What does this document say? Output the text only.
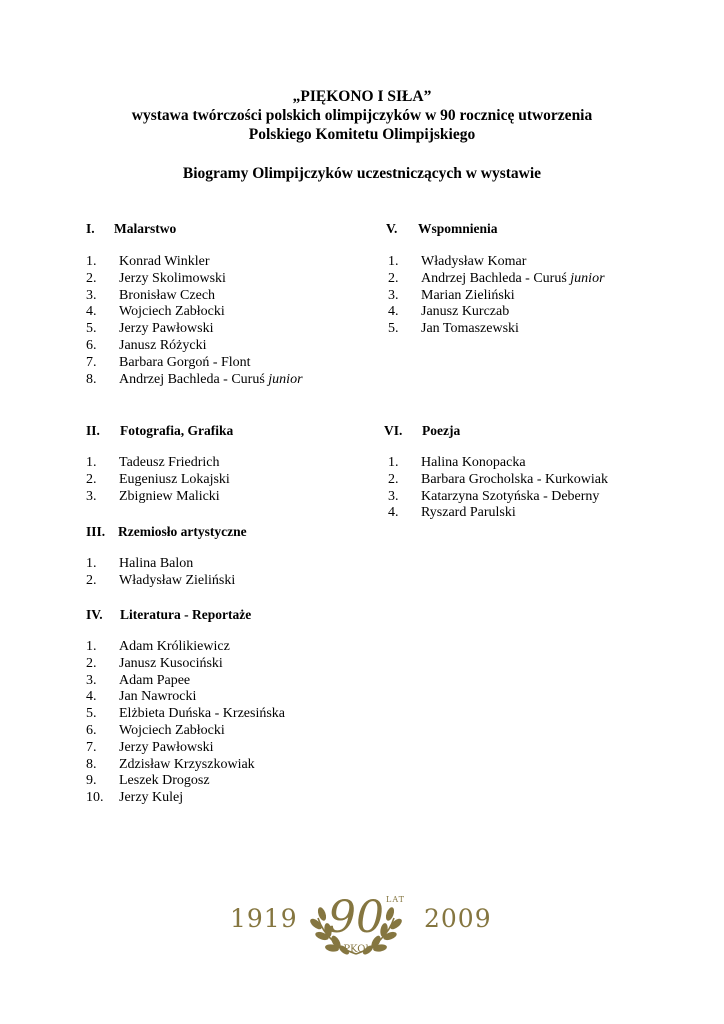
„PIĘKONO I SIŁA”
wystawa twórczości polskich olimpijczyków w 90 rocznicę utworzenia
Polskiego Komitetu Olimpijskiego
Biogramy Olimpijczyków uczestniczących w wystawie
I. Malarstwo
1. Konrad Winkler
2. Jerzy Skolimowski
3. Bronisław Czech
4. Wojciech Zabłocki
5. Jerzy Pawłowski
6. Janusz Różycki
7. Barbara Gorgoń - Flont
8. Andrzej Bachleda - Curuś junior
II. Fotografia, Grafika
1. Tadeusz Friedrich
2. Eugeniusz Lokajski
3. Zbigniew Malicki
III. Rzemiosło artystyczne
1. Halina Balon
2. Władysław Zieliński
IV. Literatura - Reportaże
1. Adam Królikiewicz
2. Janusz Kusociński
3. Adam Papee
4. Jan Nawrocki
5. Elżbieta Duńska - Krzesińska
6. Wojciech Zabłocki
7. Jerzy Pawłowski
8. Zdzisław Krzyszkowiak
9. Leszek Drogosz
10. Jerzy Kulej
V. Wspomnienia
1. Władysław Komar
2. Andrzej Bachleda - Curuś junior
3. Marian Zieliński
4. Janusz Kurczab
5. Jan Tomaszewski
VI. Poezja
1. Halina Konopacka
2. Barbara Grocholska - Kurkowiak
3. Katarzyna Szotyńska - Deberny
4. Ryszard Parulski
1919	2009
90 LAT
PKOl
